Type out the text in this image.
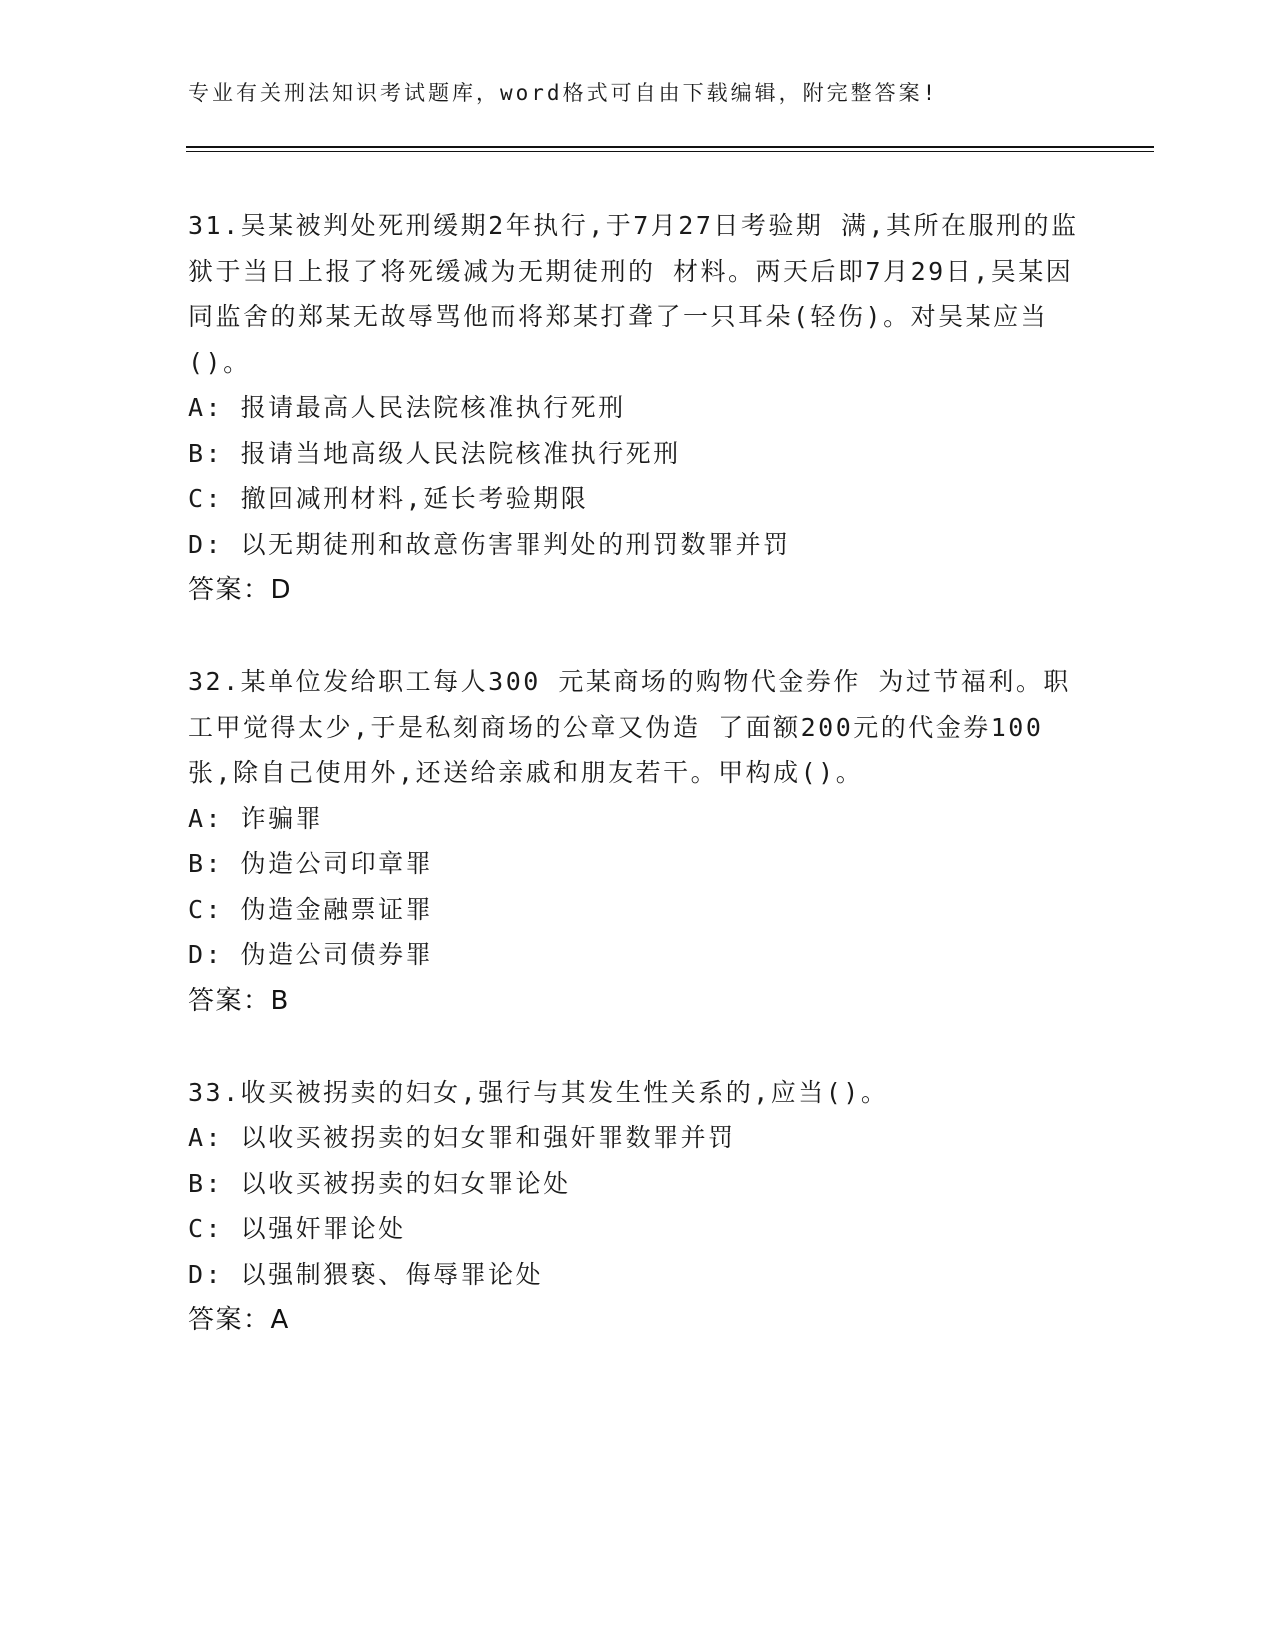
专业有关刑法知识考试题库，word格式可自由下载编辑，附完整答案!

31.吴某被判处死刑缓期2年执行,于7月27日考验期 满,其所在服刑的监狱于当日上报了将死缓减为无期徒刑的 材料。两天后即7月29日,吴某因同监舍的郑某无故辱骂他而将郑某打聋了一只耳朵(轻伤)。对吴某应当()。

A: 报请最高人民法院核准执行死刑

B: 报请当地高级人民法院核准执行死刑

C: 撤回减刑材料,延长考验期限

D: 以无期徒刑和故意伤害罪判处的刑罚数罪并罚

答案：D

32.某单位发给职工每人300 元某商场的购物代金券作 为过节福利。职工甲觉得太少,于是私刻商场的公章又伪造 了面额200元的代金券100张,除自己使用外,还送给亲戚和朋友若干。甲构成()。

A: 诈骗罪

B: 伪造公司印章罪

C: 伪造金融票证罪

D: 伪造公司债券罪

答案：B

33.收买被拐卖的妇女,强行与其发生性关系的,应当()。

A: 以收买被拐卖的妇女罪和强奸罪数罪并罚

B: 以收买被拐卖的妇女罪论处

C: 以强奸罪论处

D: 以强制猥亵、侮辱罪论处

答案：A
